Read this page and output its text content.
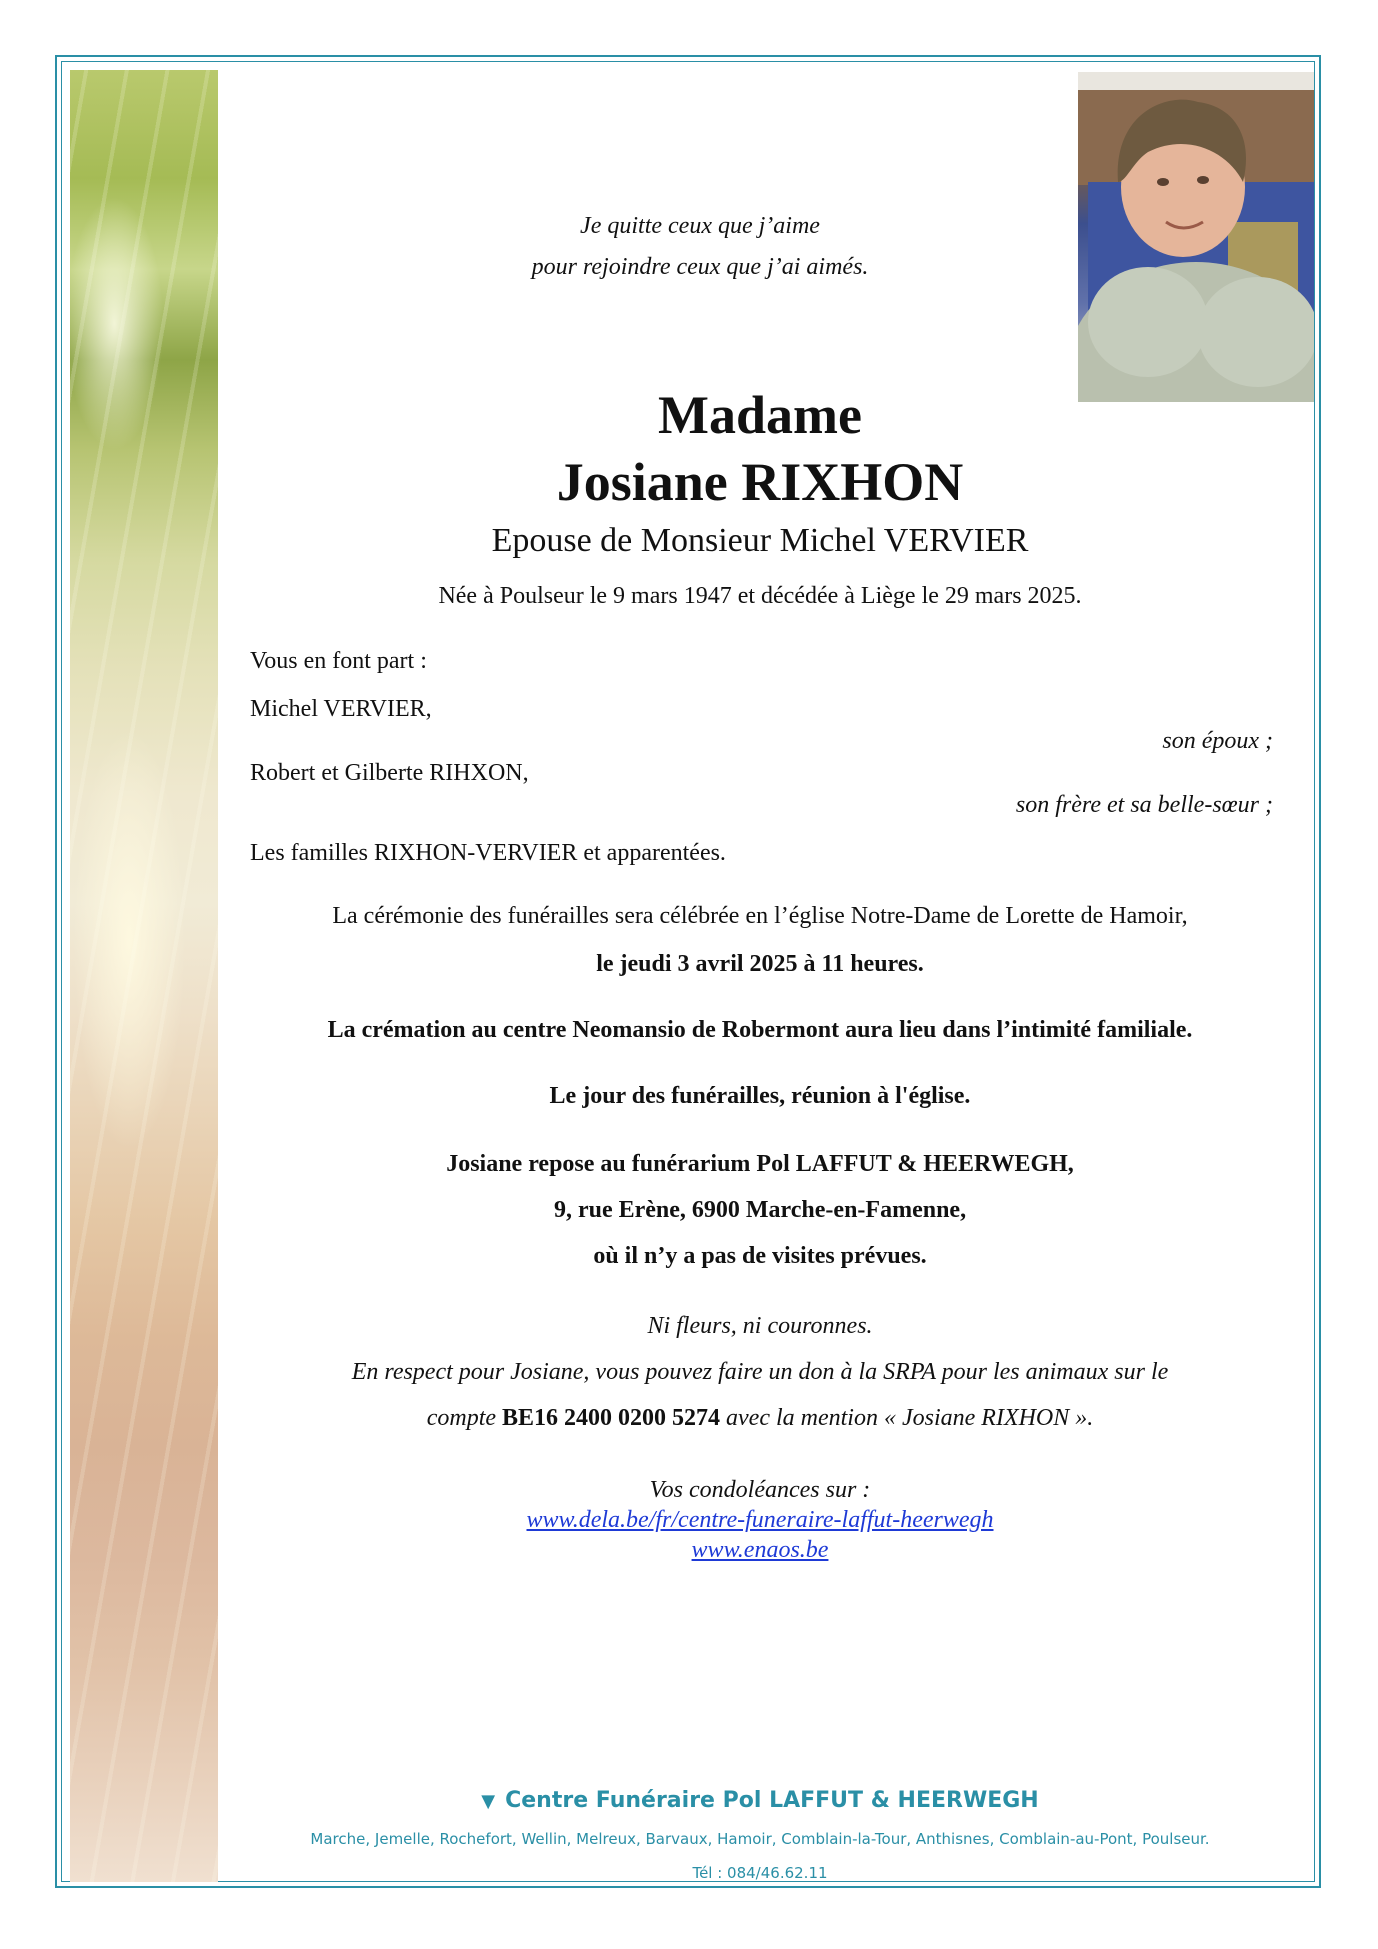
Je quitte ceux que j’aime
pour rejoindre ceux que j’ai aimés.
Madame
Josiane RIXHON
Epouse de Monsieur Michel VERVIER
Née à Poulseur le 9 mars 1947 et décédée à Liège le 29 mars 2025.
Vous en font part :
Michel VERVIER,
son époux ;
Robert et Gilberte RIHXON,
son frère et sa belle-sœur ;
Les familles RIXHON-VERVIER et apparentées.
La cérémonie des funérailles sera célébrée en l’église Notre-Dame de Lorette de Hamoir,
le jeudi 3 avril 2025 à 11 heures.
La crémation au centre Neomansio de Robermont aura lieu dans l’intimité familiale.
Le jour des funérailles, réunion à l'église.
Josiane repose au funérarium Pol LAFFUT & HEERWEGH,
9, rue Erène, 6900 Marche-en-Famenne,
où il n’y a pas de visites prévues.
Ni fleurs, ni couronnes.
En respect pour Josiane, vous pouvez faire un don à la SRPA pour les animaux sur le
compte BE16 2400 0200 5274 avec la mention « Josiane RIXHON ».
Vos condoléances sur :
www.dela.be/fr/centre-funeraire-laffut-heerwegh
www.enaos.be
▼ Centre Funéraire Pol LAFFUT & HEERWEGH
Marche, Jemelle, Rochefort, Wellin, Melreux, Barvaux, Hamoir, Comblain-la-Tour, Anthisnes, Comblain-au-Pont, Poulseur.
Tél : 084/46.62.11
